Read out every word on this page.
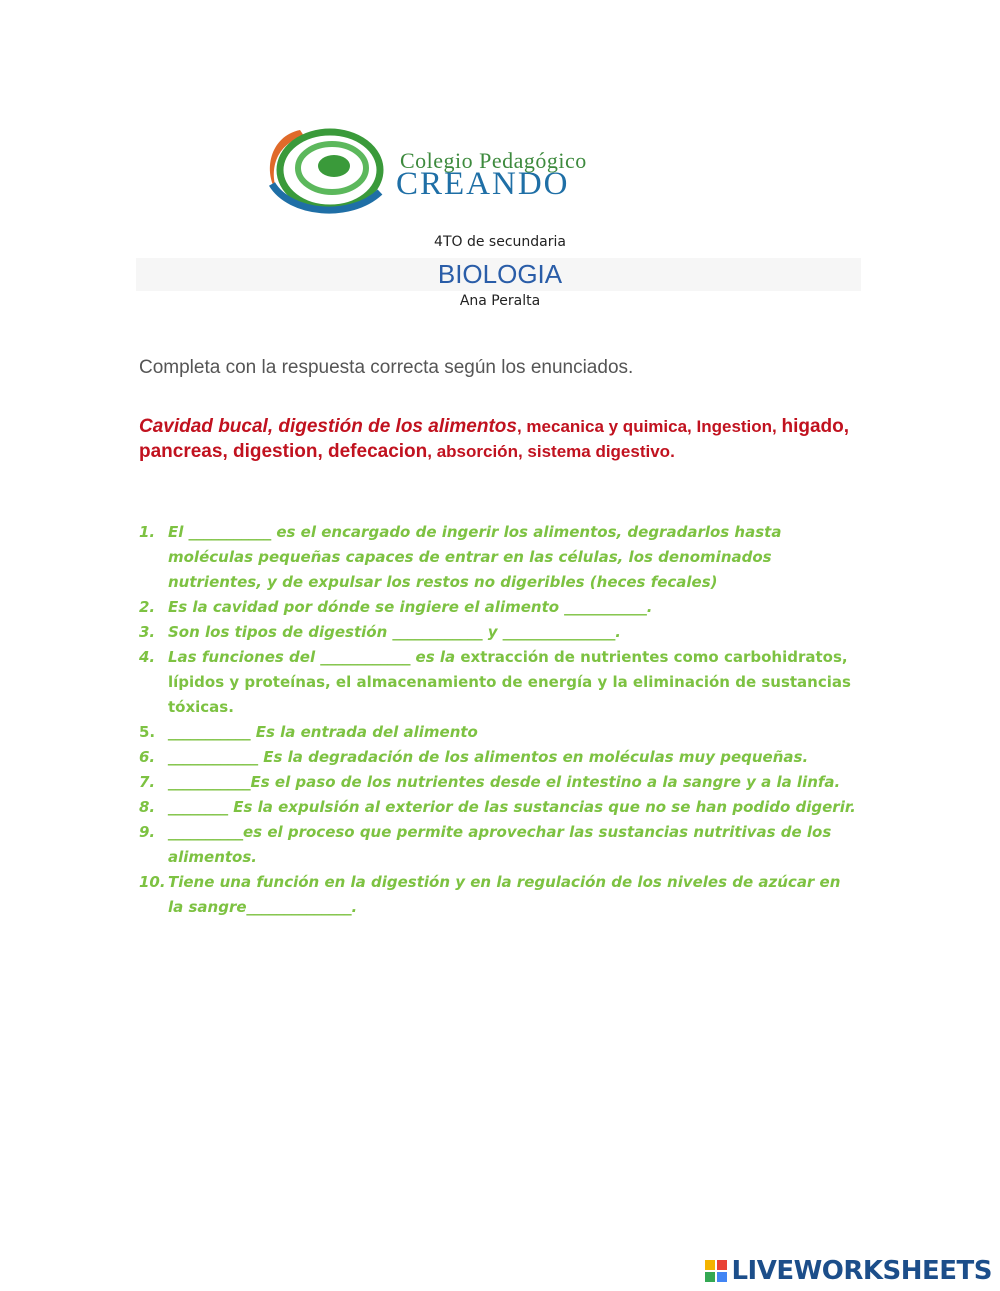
Colegio Pedagógico
CREANDO
4TO de secundaria
BIOLOGIA
Ana Peralta
Completa con la respuesta correcta según los enunciados.
Cavidad bucal, digestión de los alimentos, mecanica y quimica, Ingestion, higado, pancreas, digestion, defecacion, absorción, sistema digestivo.
1. El ___________ es el encargado de ingerir los alimentos, degradarlos hasta moléculas pequeñas capaces de entrar en las células, los denominados nutrientes, y de expulsar los restos no digeribles (heces fecales)
2. Es la cavidad por dónde se ingiere el alimento ___________.
3. Son los tipos de digestión ____________ y _______________.
4. Las funciones del ____________ es la extracción de nutrientes como carbohidratos, lípidos y proteínas, el almacenamiento de energía y la eliminación de sustancias tóxicas.
5. ___________ Es la entrada del alimento
6. ____________ Es la degradación de los alimentos en moléculas muy pequeñas.
7. ___________Es el paso de los nutrientes desde el intestino a la sangre y a la linfa.
8. ________ Es la expulsión al exterior de las sustancias que no se han podido digerir.
9. __________es el proceso que permite aprovechar las sustancias nutritivas de los alimentos.
10. Tiene una función en la digestión y en la regulación de los niveles de azúcar en la sangre______________.
LIVEWORKSHEETS
